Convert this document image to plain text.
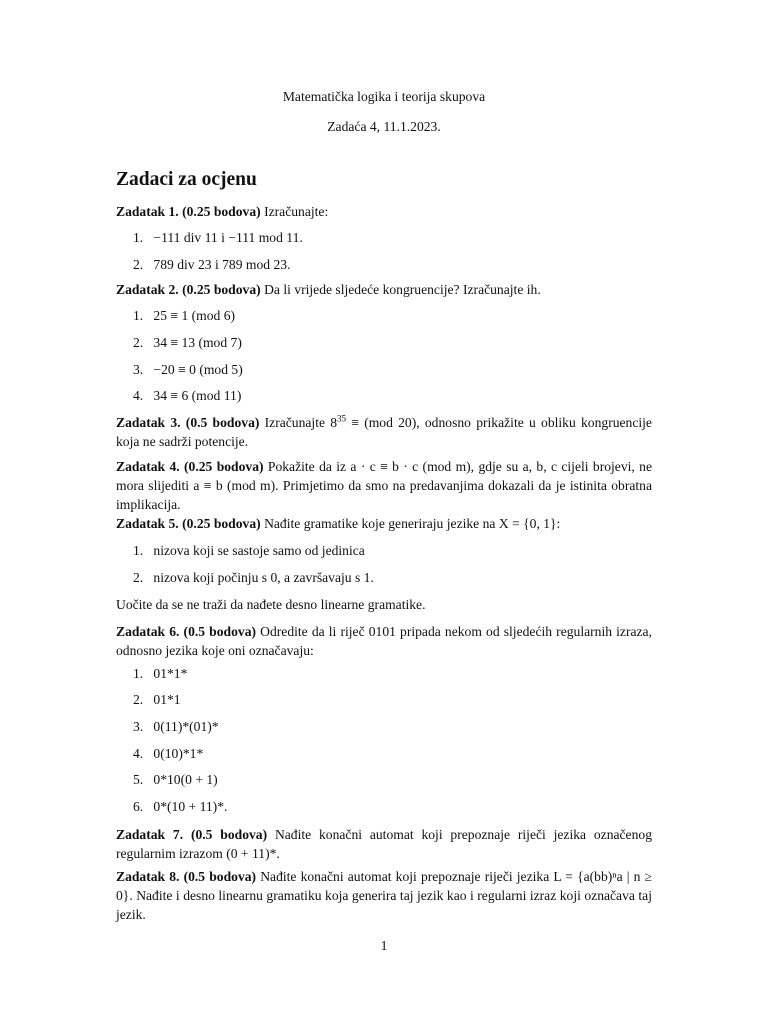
Matematička logika i teorija skupova
Zadaća 4, 11.1.2023.
Zadaci za ocjenu
Zadatak 1. (0.25 bodova) Izračunajte:
1. −111 div 11 i −111 mod 11.
2. 789 div 23 i 789 mod 23.
Zadatak 2. (0.25 bodova) Da li vrijede sljedeće kongruencije? Izračunajte ih.
1. 25 ≡ 1 (mod 6)
2. 34 ≡ 13 (mod 7)
3. −20 ≡ 0 (mod 5)
4. 34 ≡ 6 (mod 11)
Zadatak 3. (0.5 bodova) Izračunajte $8^{35} \equiv (mod$ 20), odnosno prikažite u obliku kongruencije koja ne sadrži potencije.
Zadatak 4. (0.25 bodova) Pokažite da iz a · c ≡ b · c (mod m), gdje su a, b, c cijeli brojevi, ne mora slijediti a ≡ b (mod m). Primjetimo da smo na predavanjima dokazali da je istinita obratna implikacija.
Zadatak 5. (0.25 bodova) Nađite gramatike koje generiraju jezike na X = {0, 1}:
1. nizova koji se sastoje samo od jedinica
2. nizova koji počinju s 0, a završavaju s 1.
Uočite da se ne traži da nađete desno linearne gramatike.
Zadatak 6. (0.5 bodova) Odredite da li riječ 0101 pripada nekom od sljedećih regularnih izraza, odnosno jezika koje oni označavaju:
1. 01*1*
2. 01*1
3. 0(11)*(01)*
4. 0(10)*1*
5. 0*10(0 + 1)
6. 0*(10 + 11)*.
Zadatak 7. (0.5 bodova) Nađite konačni automat koji prepoznaje riječi jezika označenog regularnim izrazom (0 + 11)*.
Zadatak 8. (0.5 bodova) Nađite konačni automat koji prepoznaje riječi jezika L = {a(bb)ⁿa | n ≥ 0}. Nađite i desno linearnu gramatiku koja generira taj jezik kao i regularni izraz koji označava taj jezik.
1
